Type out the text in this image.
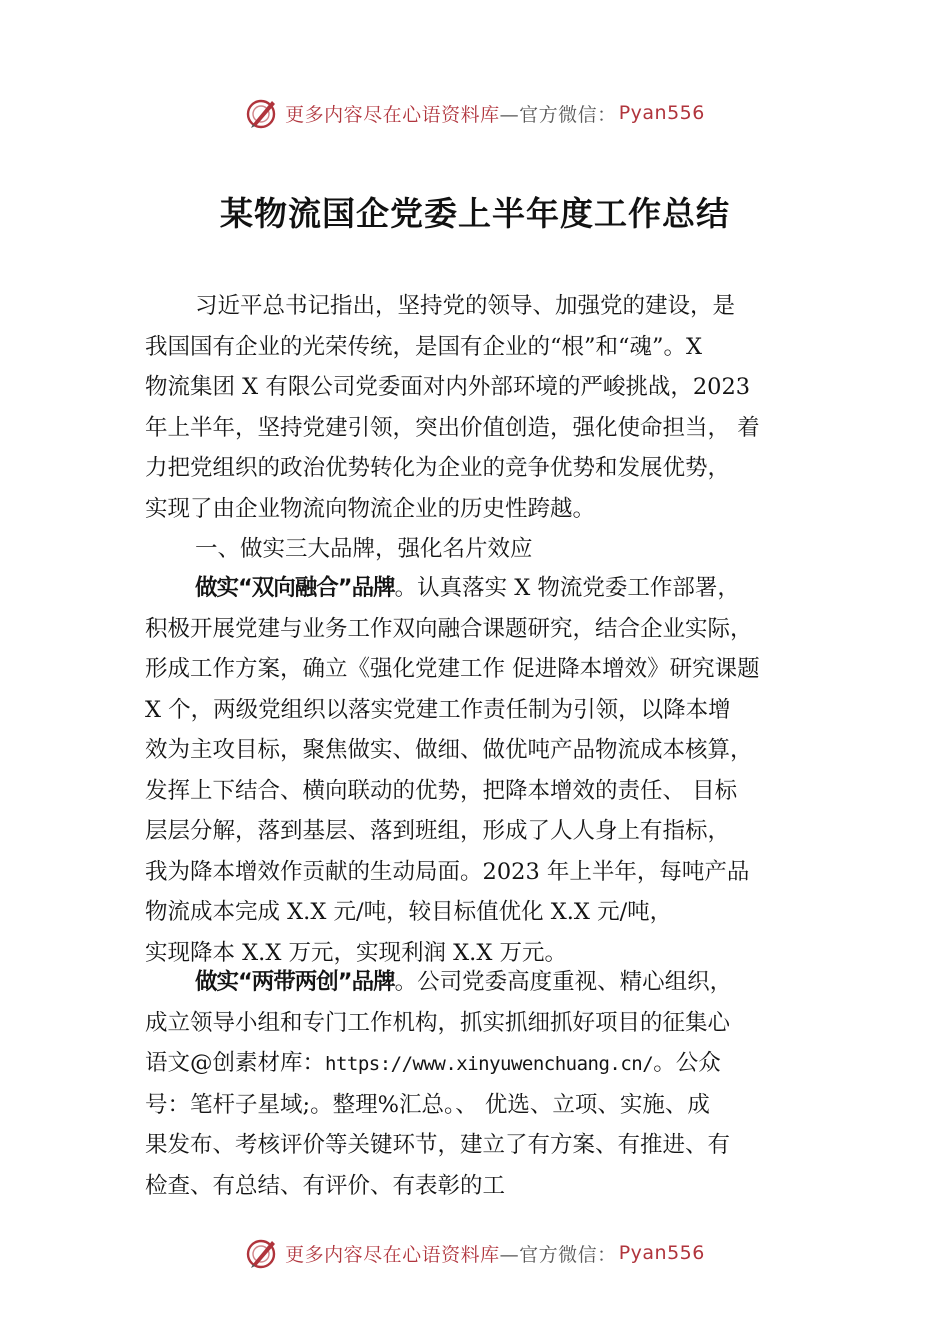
更多内容尽在心语资料库 —官方微信： Pyan556
某物流国企党委上半年度工作总结

习近平总书记指出，坚持党的领导、加强党的建设，是

我国国有企业的光荣传统，是国有企业的“根”和“魂”。X

物流集团 X 有限公司党委面对内外部环境的严峻挑战，2023

年上半年，坚持党建引领，突出价值创造，强化使命担当， 着

力把党组织的政治优势转化为企业的竞争优势和发展优势，

实现了由企业物流向物流企业的历史性跨越。

一、做实三大品牌，强化名片效应

做实“双向融合”品牌。认真落实 X 物流党委工作部署，

积极开展党建与业务工作双向融合课题研究，结合企业实际，

形成工作方案，确立《强化党建工作 促进降本增效》研究课题

X 个，两级党组织以落实党建工作责任制为引领，以降本增

效为主攻目标，聚焦做实、做细、做优吨产品物流成本核算，

发挥上下结合、横向联动的优势，把降本增效的责任、 目标

层层分解，落到基层、落到班组，形成了人人身上有指标，

我为降本增效作贡献的生动局面。2023 年上半年，每吨产品

物流成本完成 X.X 元/吨，较目标值优化 X.X 元/吨，

实现降本 X.X 万元，实现利润 X.X 万元。

做实“两带两创”品牌。公司党委高度重视、精心组织，

成立领导小组和专门工作机构，抓实抓细抓好项目的征集心

语文@创素材库：https://www.xinyuwenchuang.cn/。公众

号：笔杆子星域;。整理%汇总。、 优选、立项、实施、成

果发布、考核评价等关键环节，建立了有方案、有推进、有

检查、有总结、有评价、有表彰的工

更多内容尽在心语资料库 —官方微信： Pyan556
